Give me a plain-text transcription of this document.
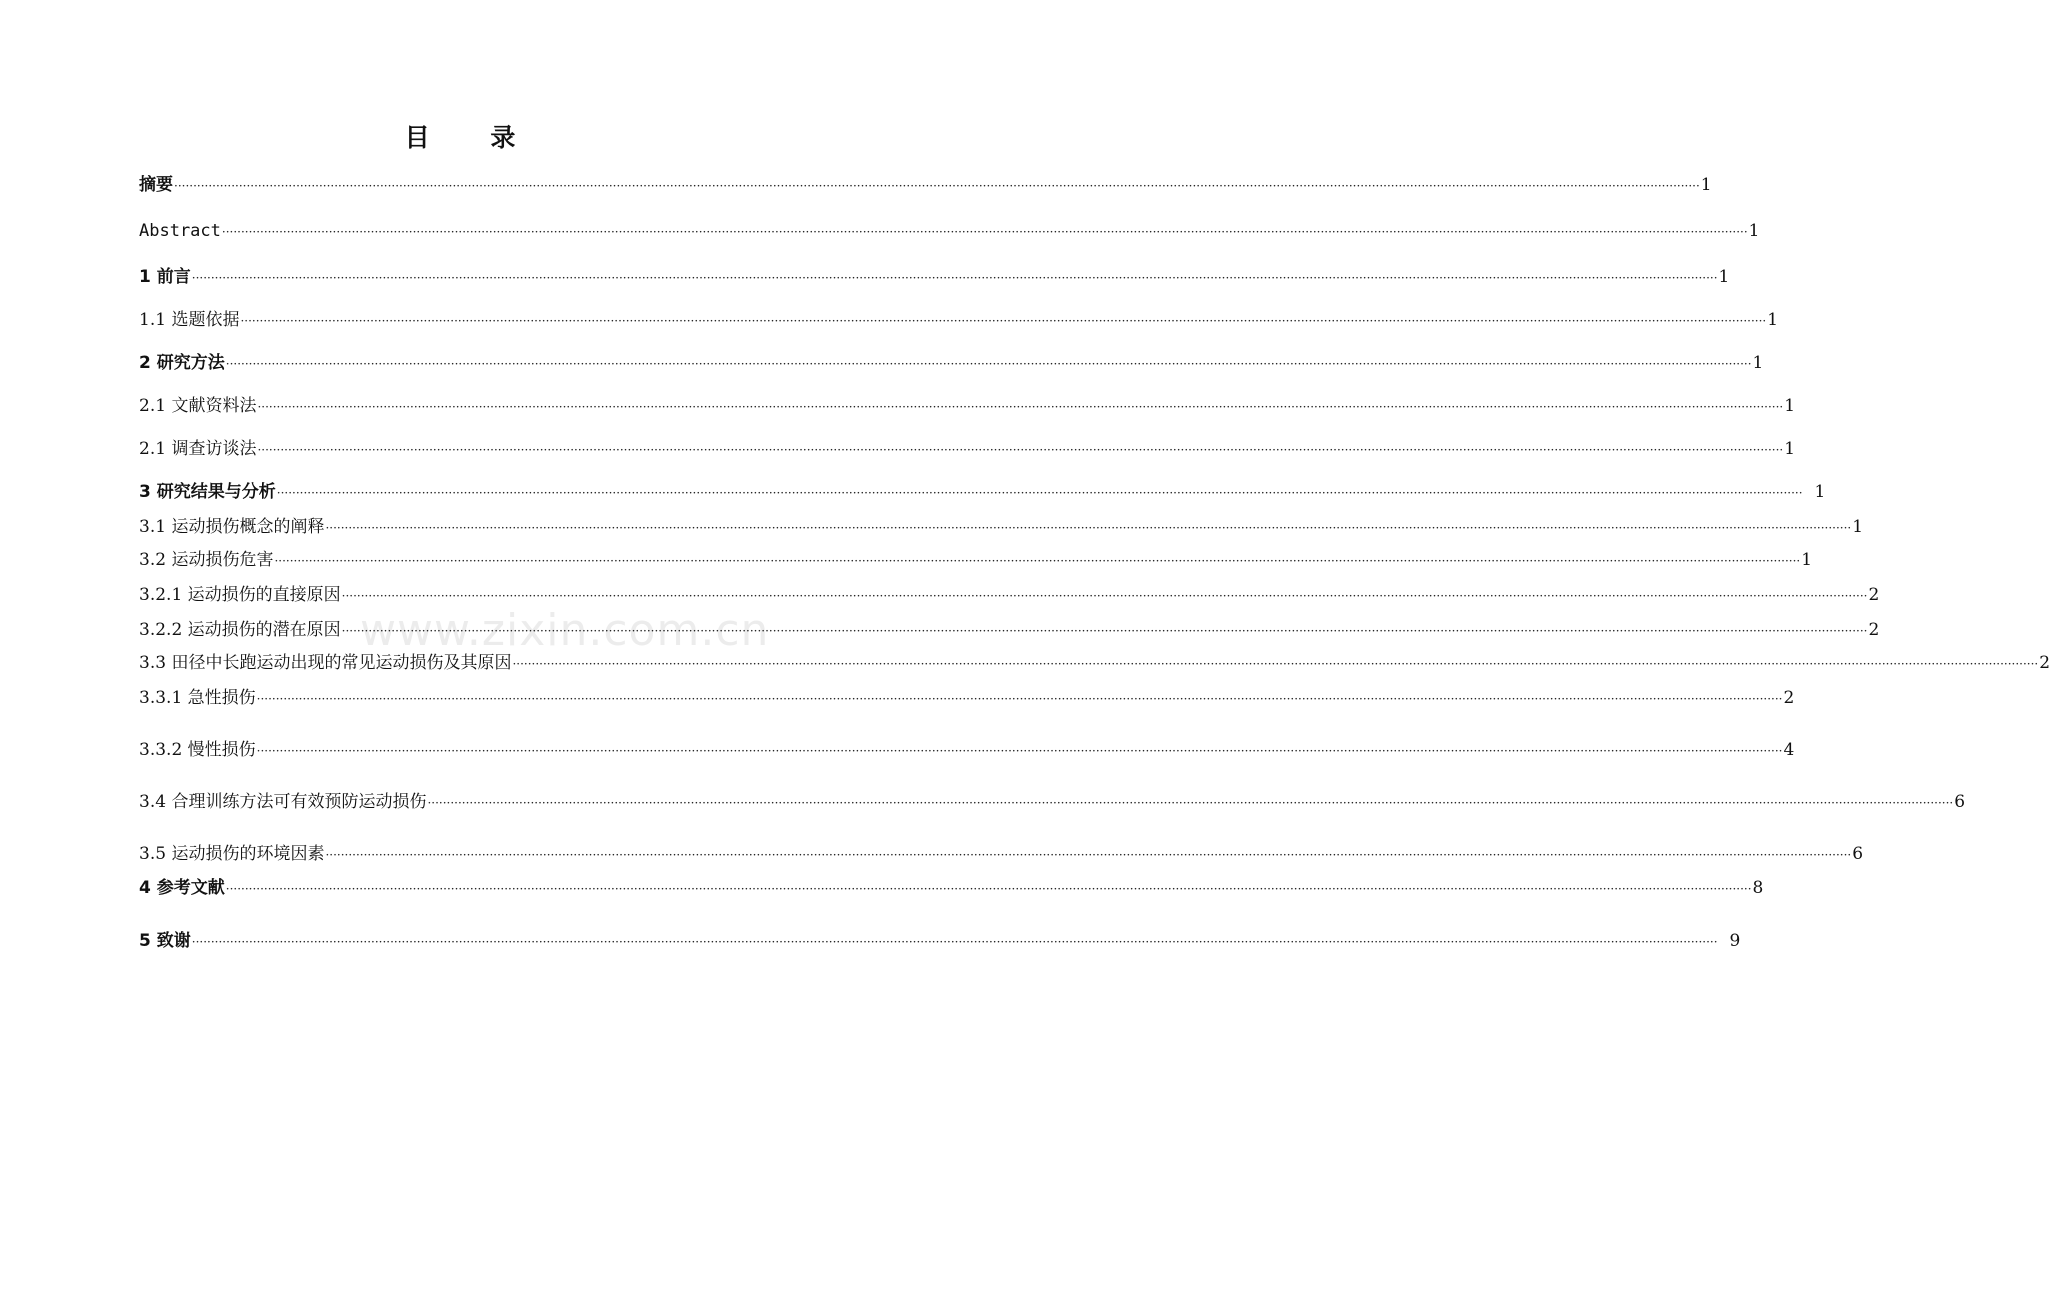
目 录
www.zixin.com.cn
摘要 ················································································································································································································································································································································································································ 1
Abstract ················································································································································································································································································································································································································ 1
1 前言 ················································································································································································································································································································································································································ 1
1.1 选题依据 ················································································································································································································································································································································································································ 1
2 研究方法 ················································································································································································································································································································································································································ 1
2.1 文献资料法 ················································································································································································································································································································································································································ 1
2.1 调查访谈法 ················································································································································································································································································································································································································ 1
3 研究结果与分析 ················································································································································································································································································································································································································ 1
3.1 运动损伤概念的阐释 ················································································································································································································································································································································································································ 1
3.2 运动损伤危害 ················································································································································································································································································································································································································ 1
3.2.1 运动损伤的直接原因 ················································································································································································································································································································································································································ 2
3.2.2 运动损伤的潜在原因 ················································································································································································································································································································································································································ 2
3.3 田径中长跑运动出现的常见运动损伤及其原因 ················································································································································································································································································································································································································ 2
3.3.1 急性损伤 ················································································································································································································································································································································································································ 2
3.3.2 慢性损伤 ················································································································································································································································································································································································································ 4
3.4 合理训练方法可有效预防运动损伤 ················································································································································································································································································································································································································ 6
3.5 运动损伤的环境因素 ················································································································································································································································································································································································································ 6
4 参考文献 ················································································································································································································································································································································································································ 8
5 致谢 ················································································································································································································································································································································································································ 9
